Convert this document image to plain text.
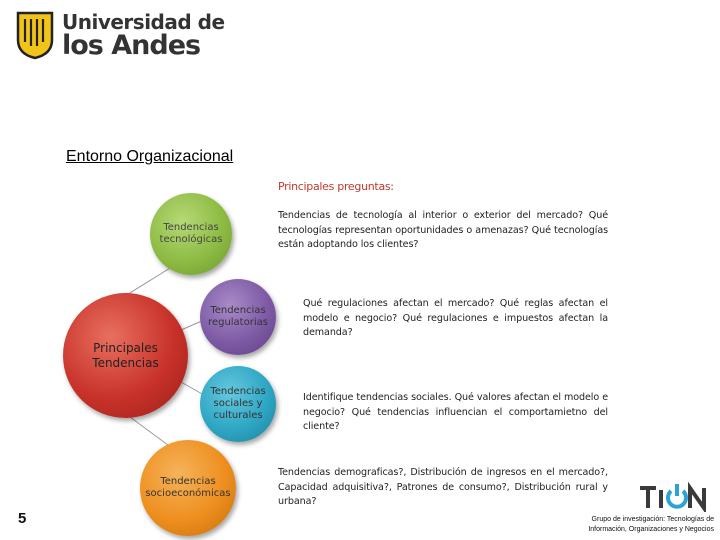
Universidad de
los Andes
Entorno Organizacional
Principales preguntas:
Principales Tendencias
Tendencias tecnológicas
Tendencias regulatorias
Tendencias sociales y culturales
Tendencias socioeconómicas
Tendencias de tecnología al interior o exterior del mercado? Qué tecnologías representan oportunidades o amenazas? Qué tecnologías están adoptando los clientes?
Qué regulaciones afectan el mercado? Qué reglas afectan el modelo e negocio? Qué regulaciones e impuestos afectan la demanda?
Identifique tendencias sociales. Qué valores afectan el modelo e negocio? Qué tendencias influencian el comportamietno del cliente?
Tendencias demograficas?, Distribución de ingresos en el mercado?, Capacidad adquisitiva?, Patrones de consumo?, Distribución rural y urbana?
5	Grupo de investigación: Tecnologías de Información, Organizaciones y Negocios
